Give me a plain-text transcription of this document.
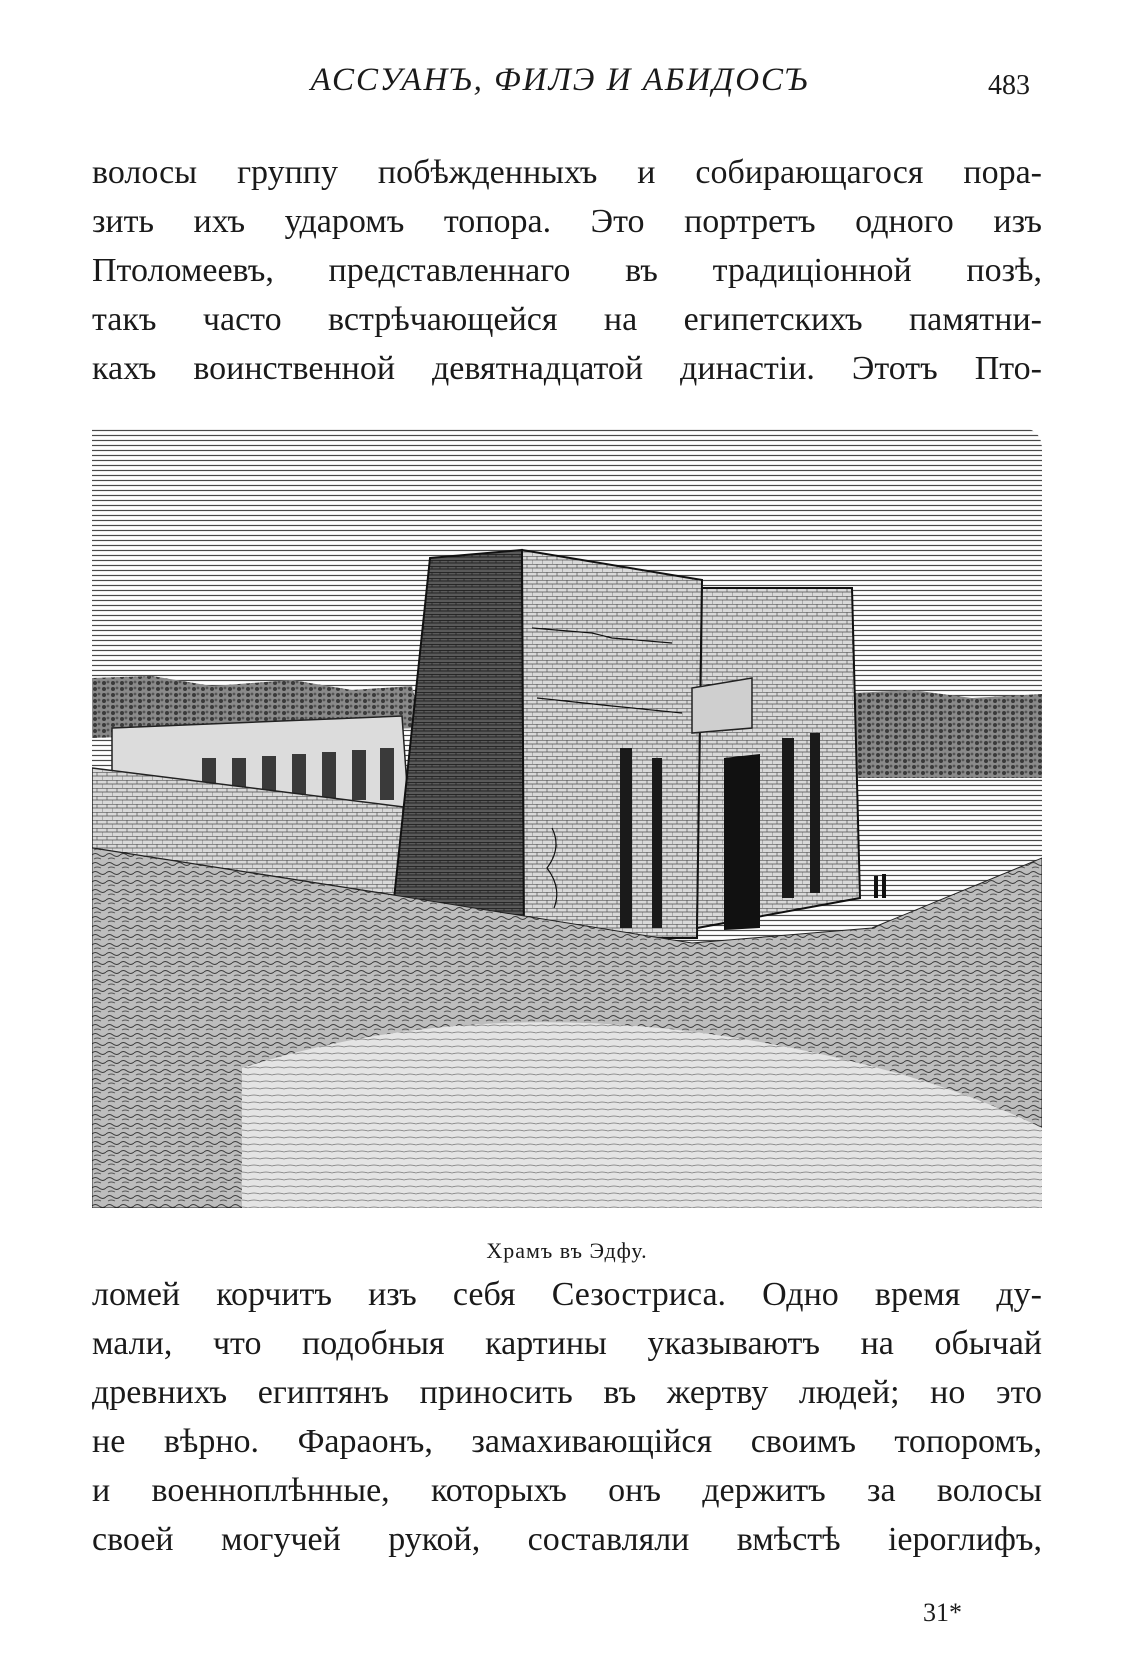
АССУАНЪ, ФИЛЭ И АБИДОСЪ	483
волосы группу побѣжденныхъ и собирающагося пора-
зить ихъ ударомъ топора. Это портретъ одного изъ
Птоломеевъ, представленнаго въ традиціонной позѣ,
такъ часто встрѣчающейся на египетскихъ памятни-
кахъ воинственной девятнадцатой династіи. Этотъ Пто-
Храмъ въ Эдфу.
ломей корчитъ изъ себя Сезостриса. Одно время ду-
мали, что подобныя картины указываютъ на обычай
древнихъ египтянъ приносить въ жертву людей; но это
не вѣрно. Фараонъ, замахивающійся своимъ топоромъ,
и военноплѣнные, которыхъ онъ держитъ за волосы
своей могучей рукой, составляли вмѣстѣ іероглифъ,
31*
